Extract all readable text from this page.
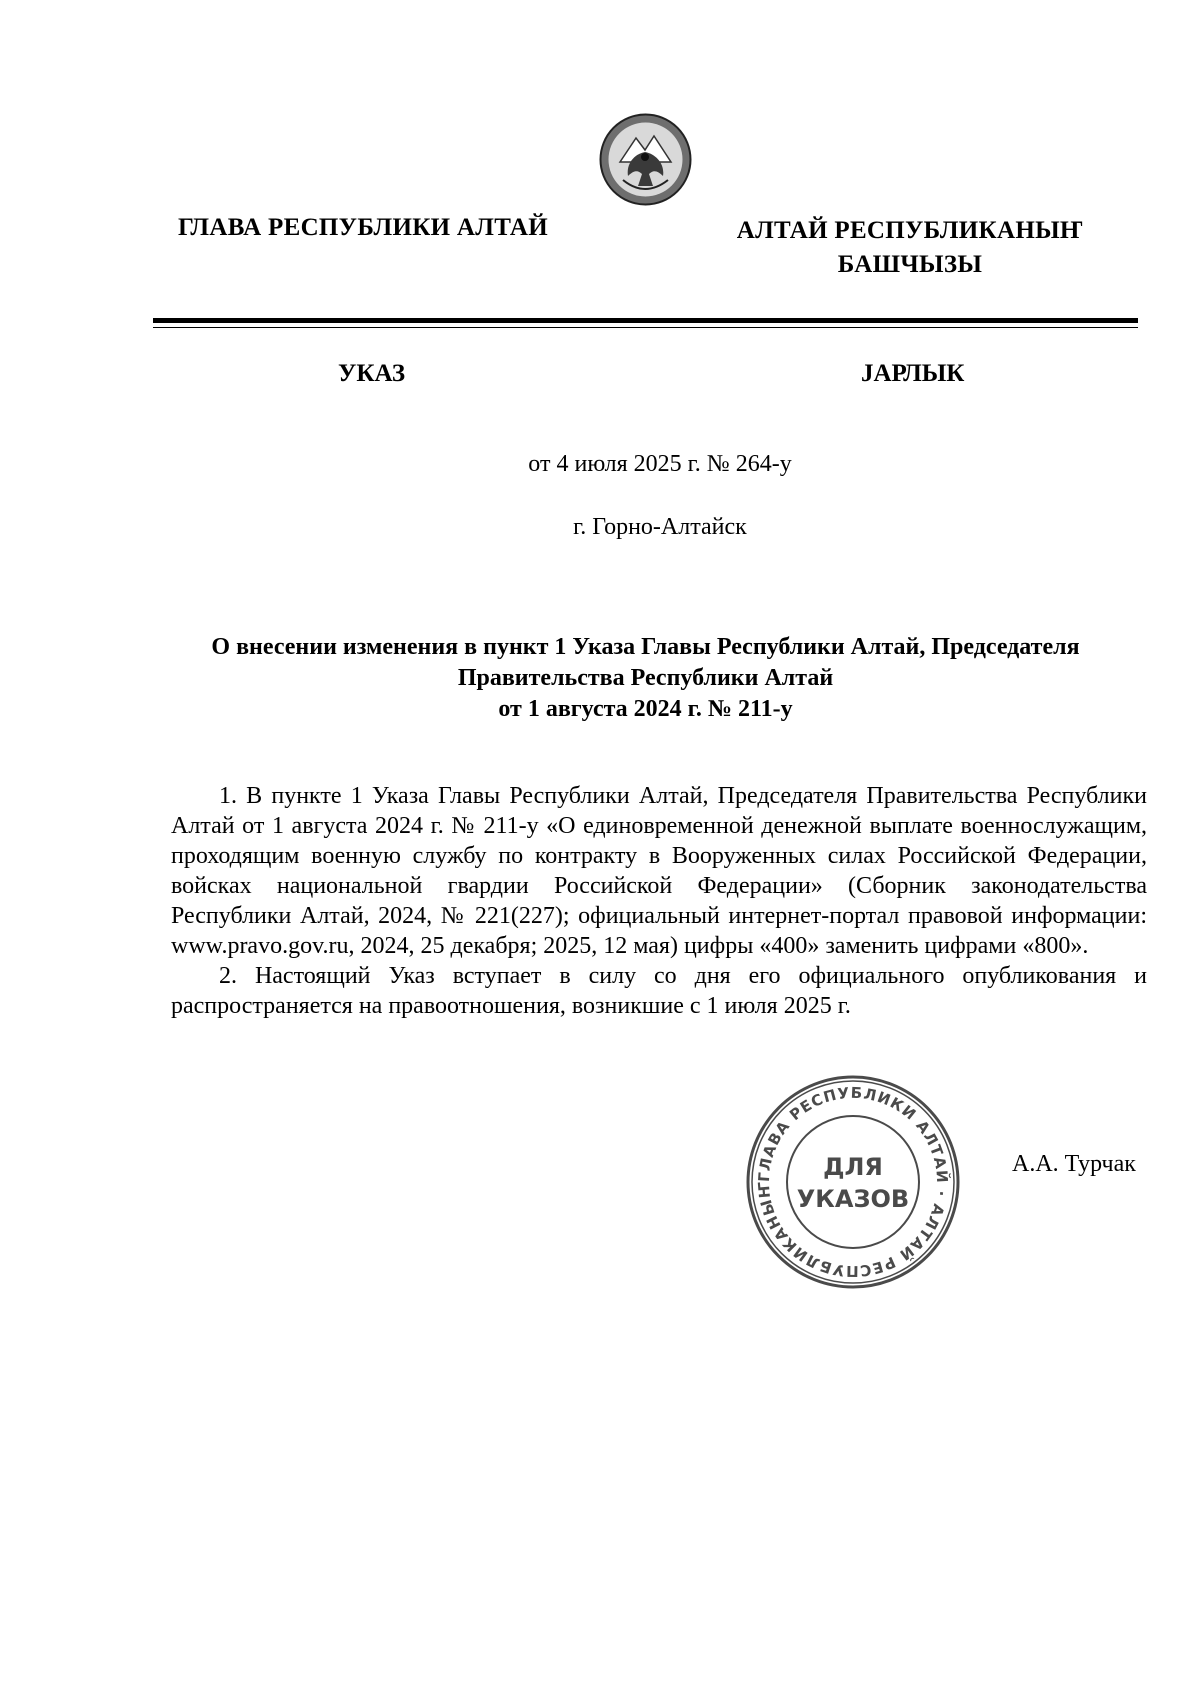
ГЛАВА РЕСПУБЛИКИ АЛТАЙ	АЛТАЙ РЕСПУБЛИКАНЫҤ
БАШЧЫЗЫ
УКАЗ	ЈАРЛЫК
от 4 июля 2025 г. № 264-у
г. Горно-Алтайск
О внесении изменения в пункт 1 Указа Главы Республики Алтай, Председателя
Правительства Республики Алтай
от 1 августа 2024 г. № 211-у

1. В пункте 1 Указа Главы Республики Алтай, Председателя Правительства Республики Алтай от 1 августа 2024 г. № 211-у «О единовременной денежной выплате военнослужащим, проходящим военную службу по контракту в Вооруженных силах Российской Федерации, войсках национальной гвардии Российской Федерации» (Сборник законодательства Республики Алтай, 2024, № 221(227); официальный интернет-портал правовой информации: www.pravo.gov.ru, 2024, 25 декабря; 2025, 12 мая) цифры «400» заменить цифрами «800».

2. Настоящий Указ вступает в силу со дня его официального опубликования и распространяется на правоотношения, возникшие с 1 июля 2025 г.

ГЛАВА РЕСПУБЛИКИ АЛТАЙ · АЛТАЙ РЕСПУБЛИКАНЫҤ
ДЛЯ
УКАЗОВ
А.А. Турчак
